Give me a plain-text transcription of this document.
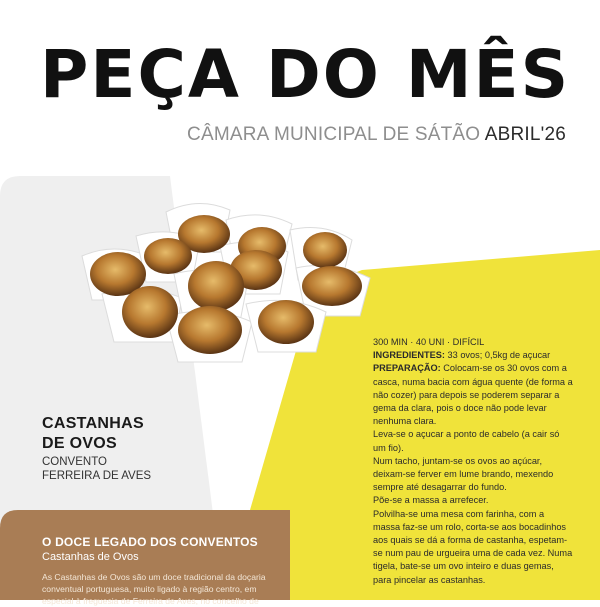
PEÇA DO MÊS
CÂMARA MUNICIPAL DE SÁTÃO ABRIL'26
CASTANHAS
DE OVOS
CONVENTO
FERREIRA DE AVES

300 MIN · 40 UNI · DIFÍCIL

INGREDIENTES: 33 ovos; 0,5kg de açucar

PREPARAÇÃO: Colocam-se os 30 ovos com a casca, numa bacia com água quente (de forma a não cozer) para depois se poderem separar a gema da clara, pois o doce não pode levar nenhuma clara.

Leva-se o açucar a ponto de cabelo (a cair só um fio).

Num tacho, juntam-se os ovos ao açúcar, deixam-se ferver em lume brando, mexendo sempre até desagarrar do fundo.

Põe-se a massa a arrefecer.

Polvilha-se uma mesa com farinha, com a massa faz-se um rolo, corta-se aos bocadinhos aos quais se dá a forma de castanha, espetam-se num pau de urgueira uma de cada vez. Numa tigela, bate-se um ovo inteiro e duas gemas, para pincelar as castanhas.

O DOCE LEGADO DOS CONVENTOS
Castanhas de Ovos
As Castanhas de Ovos são um doce tradicional da doçaria conventual portuguesa, muito ligado à região centro, em especial à freguesia de Ferreira de Aves, no concelho de
